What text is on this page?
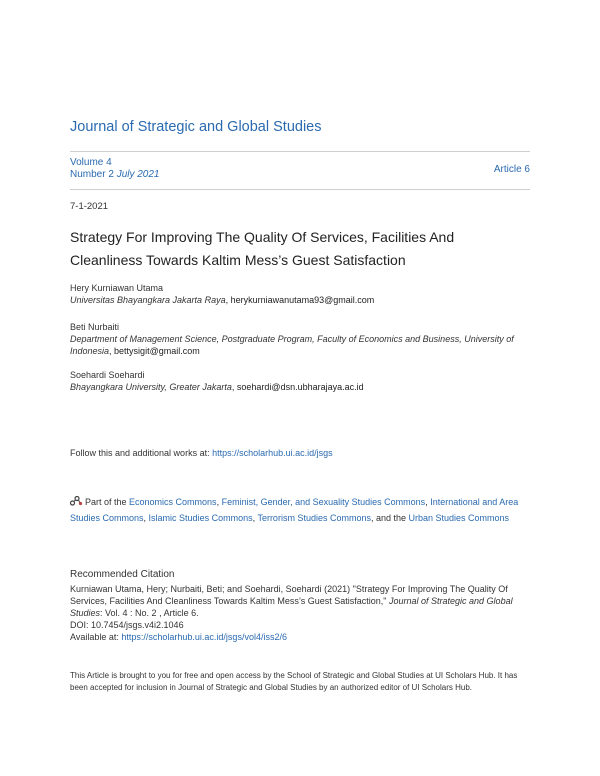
Journal of Strategic and Global Studies
Volume 4
Number 2 July 2021	Article 6
7-1-2021
Strategy For Improving The Quality Of Services, Facilities And Cleanliness Towards Kaltim Mess’s Guest Satisfaction
Hery Kurniawan Utama
Universitas Bhayangkara Jakarta Raya, herykurniawanutama93@gmail.com
Beti Nurbaiti
Department of Management Science, Postgraduate Program, Faculty of Economics and Business, University of Indonesia, bettysigit@gmail.com
Soehardi Soehardi
Bhayangkara University, Greater Jakarta, soehardi@dsn.ubharajaya.ac.id
Follow this and additional works at: https://scholarhub.ui.ac.id/jsgs
Part of the Economics Commons, Feminist, Gender, and Sexuality Studies Commons, International and Area Studies Commons, Islamic Studies Commons, Terrorism Studies Commons, and the Urban Studies Commons
Recommended Citation
Kurniawan Utama, Hery; Nurbaiti, Beti; and Soehardi, Soehardi (2021) "Strategy For Improving The Quality Of Services, Facilities And Cleanliness Towards Kaltim Mess’s Guest Satisfaction," Journal of Strategic and Global Studies: Vol. 4 : No. 2 , Article 6.
DOI: 10.7454/jsgs.v4i2.1046
Available at: https://scholarhub.ui.ac.id/jsgs/vol4/iss2/6
This Article is brought to you for free and open access by the School of Strategic and Global Studies at UI Scholars Hub. It has been accepted for inclusion in Journal of Strategic and Global Studies by an authorized editor of UI Scholars Hub.
